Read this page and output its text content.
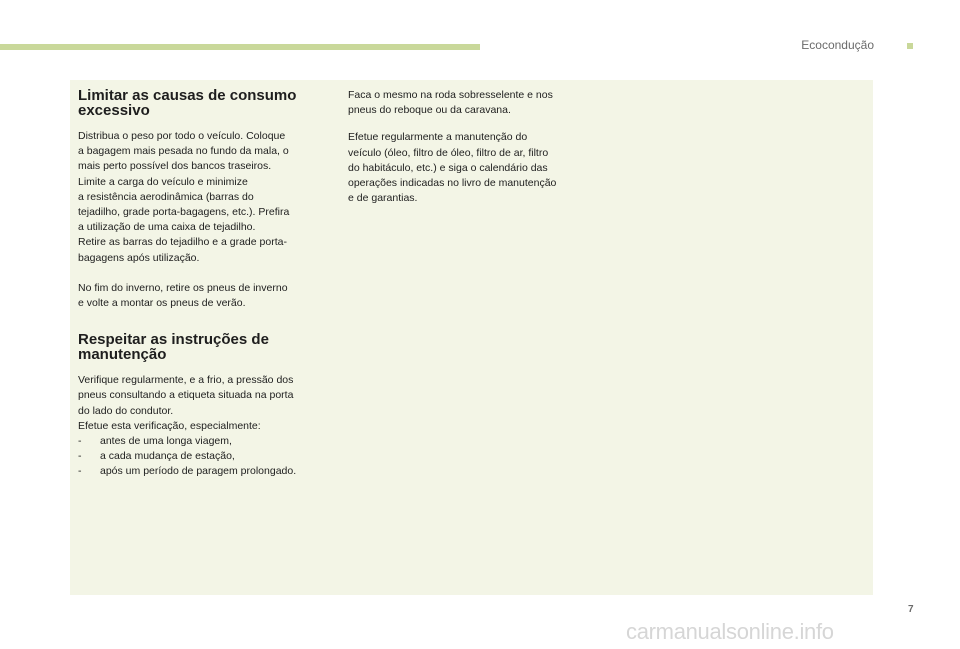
Ecocondução
Limitar as causas de consumo
excessivo

Distribua o peso por todo o veículo. Coloque
a bagagem mais pesada no fundo da mala, o
mais perto possível dos bancos traseiros.
Limite a carga do veículo e minimize
a resistência aerodinâmica (barras do
tejadilho, grade porta-bagagens, etc.). Prefira
a utilização de uma caixa de tejadilho.
Retire as barras do tejadilho e a grade porta-
bagagens após utilização.

No fim do inverno, retire os pneus de inverno
e volte a montar os pneus de verão.

Respeitar as instruções de
manutenção

Verifique regularmente, e a frio, a pressão dos
pneus consultando a etiqueta situada na porta
do lado do condutor.
Efetue esta verificação, especialmente:

-	antes de uma longa viagem,
-	a cada mudança de estação,
-	após um período de paragem prolongado.

Faca o mesmo na roda sobresselente e nos
pneus do reboque ou da caravana.

Efetue regularmente a manutenção do
veículo (óleo, filtro de óleo, filtro de ar, filtro
do habitáculo, etc.) e siga o calendário das
operações indicadas no livro de manutenção
e de garantias.

7
carmanualsonline.info
